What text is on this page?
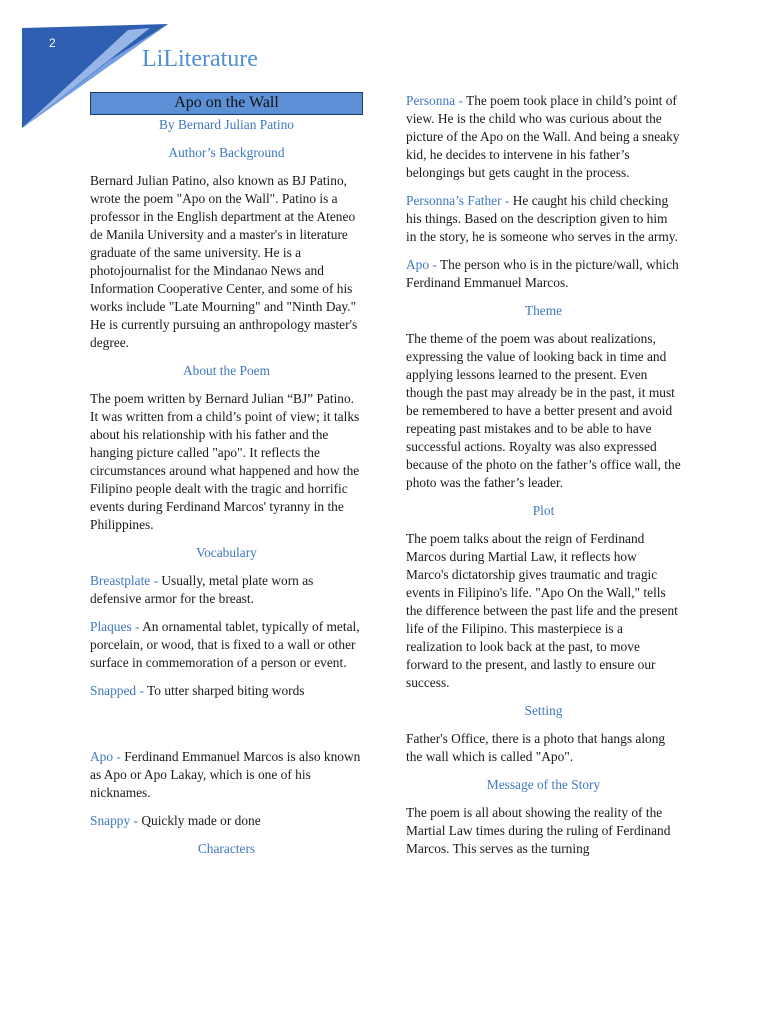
2
LiLiterature
Apo on the Wall
By Bernard Julian Patino
Author’s Background

Bernard Julian Patino, also known as BJ Patino, wrote the poem "Apo on the Wall". Patino is a professor in the English department at the Ateneo de Manila University and a master's in literature graduate of the same university. He is a photojournalist for the Mindanao News and Information Cooperative Center, and some of his works include "Late Mourning" and "Ninth Day." He is currently pursuing an anthropology master's degree.

About the Poem

The poem written by Bernard Julian “BJ” Patino. It was written from a child’s point of view; it talks about his relationship with his father and the hanging picture called "apo". It reflects the circumstances around what happened and how the Filipino people dealt with the tragic and horrific events during Ferdinand Marcos' tyranny in the Philippines.

Vocabulary

Breastplate - Usually, metal plate worn as defensive armor for the breast.

Plaques - An ornamental tablet, typically of metal, porcelain, or wood, that is fixed to a wall or other surface in commemoration of a person or event.

Snapped - To utter sharped biting words

Apo - Ferdinand Emmanuel Marcos is also known as Apo or Apo Lakay, which is one of his nicknames.

Snappy - Quickly made or done

Characters

Personna - The poem took place in child’s point of view. He is the child who was curious about the picture of the Apo on the Wall. And being a sneaky kid, he decides to intervene in his father’s belongings but gets caught in the process.

Personna’s Father - He caught his child checking his things. Based on the description given to him in the story, he is someone who serves in the army.

Apo - The person who is in the picture/wall, which Ferdinand Emmanuel Marcos.

Theme

The theme of the poem was about realizations, expressing the value of looking back in time and applying lessons learned to the present. Even though the past may already be in the past, it must be remembered to have a better present and avoid repeating past mistakes and to be able to have successful actions. Royalty was also expressed because of the photo on the father’s office wall, the photo was the father’s leader.

Plot

The poem talks about the reign of Ferdinand Marcos during Martial Law, it reflects how Marco's dictatorship gives traumatic and tragic events in Filipino's life. "Apo On the Wall," tells the difference between the past life and the present life of the Filipino. This masterpiece is a realization to look back at the past, to move forward to the present, and lastly to ensure our success.

Setting

Father's Office, there is a photo that hangs along the wall which is called "Apo".

Message of the Story

The poem is all about showing the reality of the Martial Law times during the ruling of Ferdinand Marcos. This serves as the turning
